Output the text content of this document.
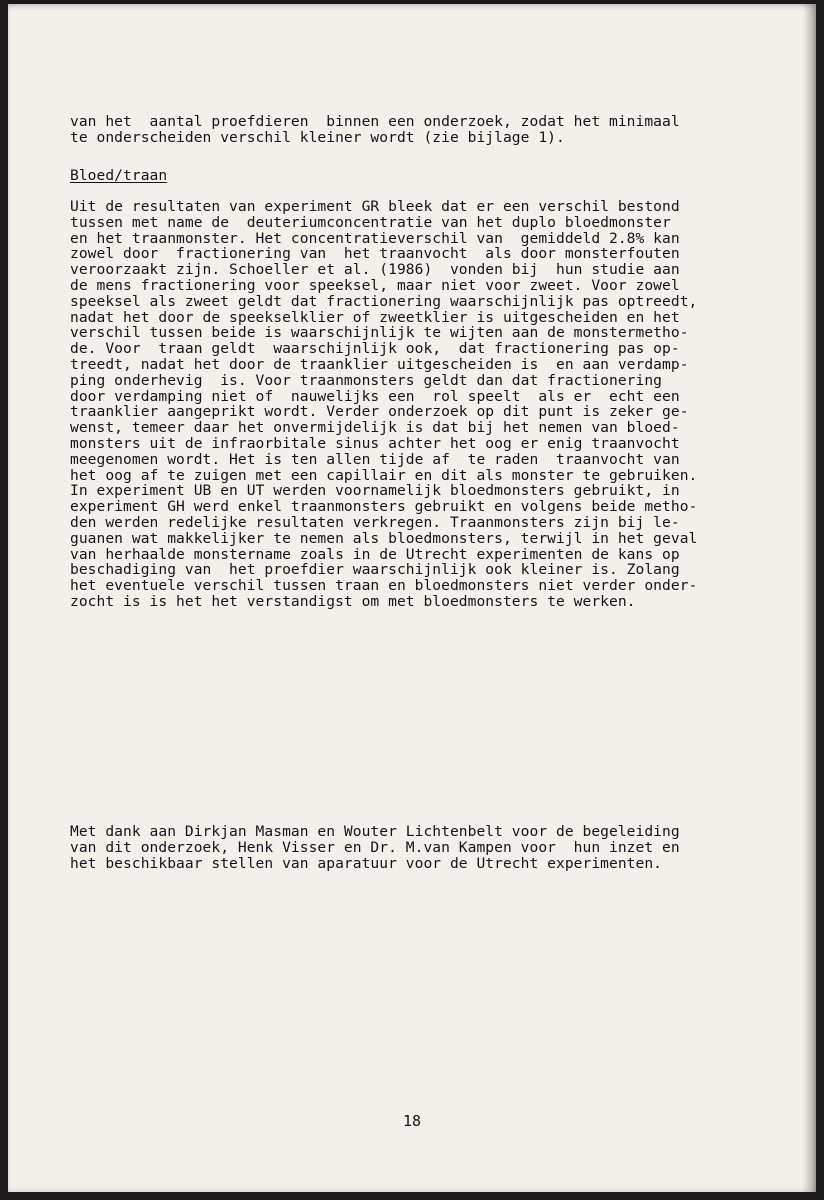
van het  aantal proefdieren  binnen een onderzoek, zodat het minimaal
te onderscheiden verschil kleiner wordt (zie bijlage 1).
Bloed/traan
Uit de resultaten van experiment GR bleek dat er een verschil bestond
tussen met name de  deuteriumconcentratie van het duplo bloedmonster
en het traanmonster. Het concentratieverschil van  gemiddeld 2.8% kan
zowel door  fractionering van  het traanvocht  als door monsterfouten
veroorzaakt zijn. Schoeller et al. (1986)  vonden bij  hun studie aan
de mens fractionering voor speeksel, maar niet voor zweet. Voor zowel
speeksel als zweet geldt dat fractionering waarschijnlijk pas optreedt,
nadat het door de speekselklier of zweetklier is uitgescheiden en het
verschil tussen beide is waarschijnlijk te wijten aan de monstermetho-
de. Voor  traan geldt  waarschijnlijk ook,  dat fractionering pas op-
treedt, nadat het door de traanklier uitgescheiden is  en aan verdamp-
ping onderhevig  is. Voor traanmonsters geldt dan dat fractionering
door verdamping niet of  nauwelijks een  rol speelt  als er  echt een
traanklier aangeprikt wordt. Verder onderzoek op dit punt is zeker ge-
wenst, temeer daar het onvermijdelijk is dat bij het nemen van bloed-
monsters uit de infraorbitale sinus achter het oog er enig traanvocht
meegenomen wordt. Het is ten allen tijde af  te raden  traanvocht van
het oog af te zuigen met een capillair en dit als monster te gebruiken.
In experiment UB en UT werden voornamelijk bloedmonsters gebruikt, in
experiment GH werd enkel traanmonsters gebruikt en volgens beide metho-
den werden redelijke resultaten verkregen. Traanmonsters zijn bij le-
guanen wat makkelijker te nemen als bloedmonsters, terwijl in het geval
van herhaalde monstername zoals in de Utrecht experimenten de kans op
beschadiging van  het proefdier waarschijnlijk ook kleiner is. Zolang
het eventuele verschil tussen traan en bloedmonsters niet verder onder-
zocht is is het het verstandigst om met bloedmonsters te werken.
Met dank aan Dirkjan Masman en Wouter Lichtenbelt voor de begeleiding
van dit onderzoek, Henk Visser en Dr. M.van Kampen voor  hun inzet en
het beschikbaar stellen van aparatuur voor de Utrecht experimenten.
18
